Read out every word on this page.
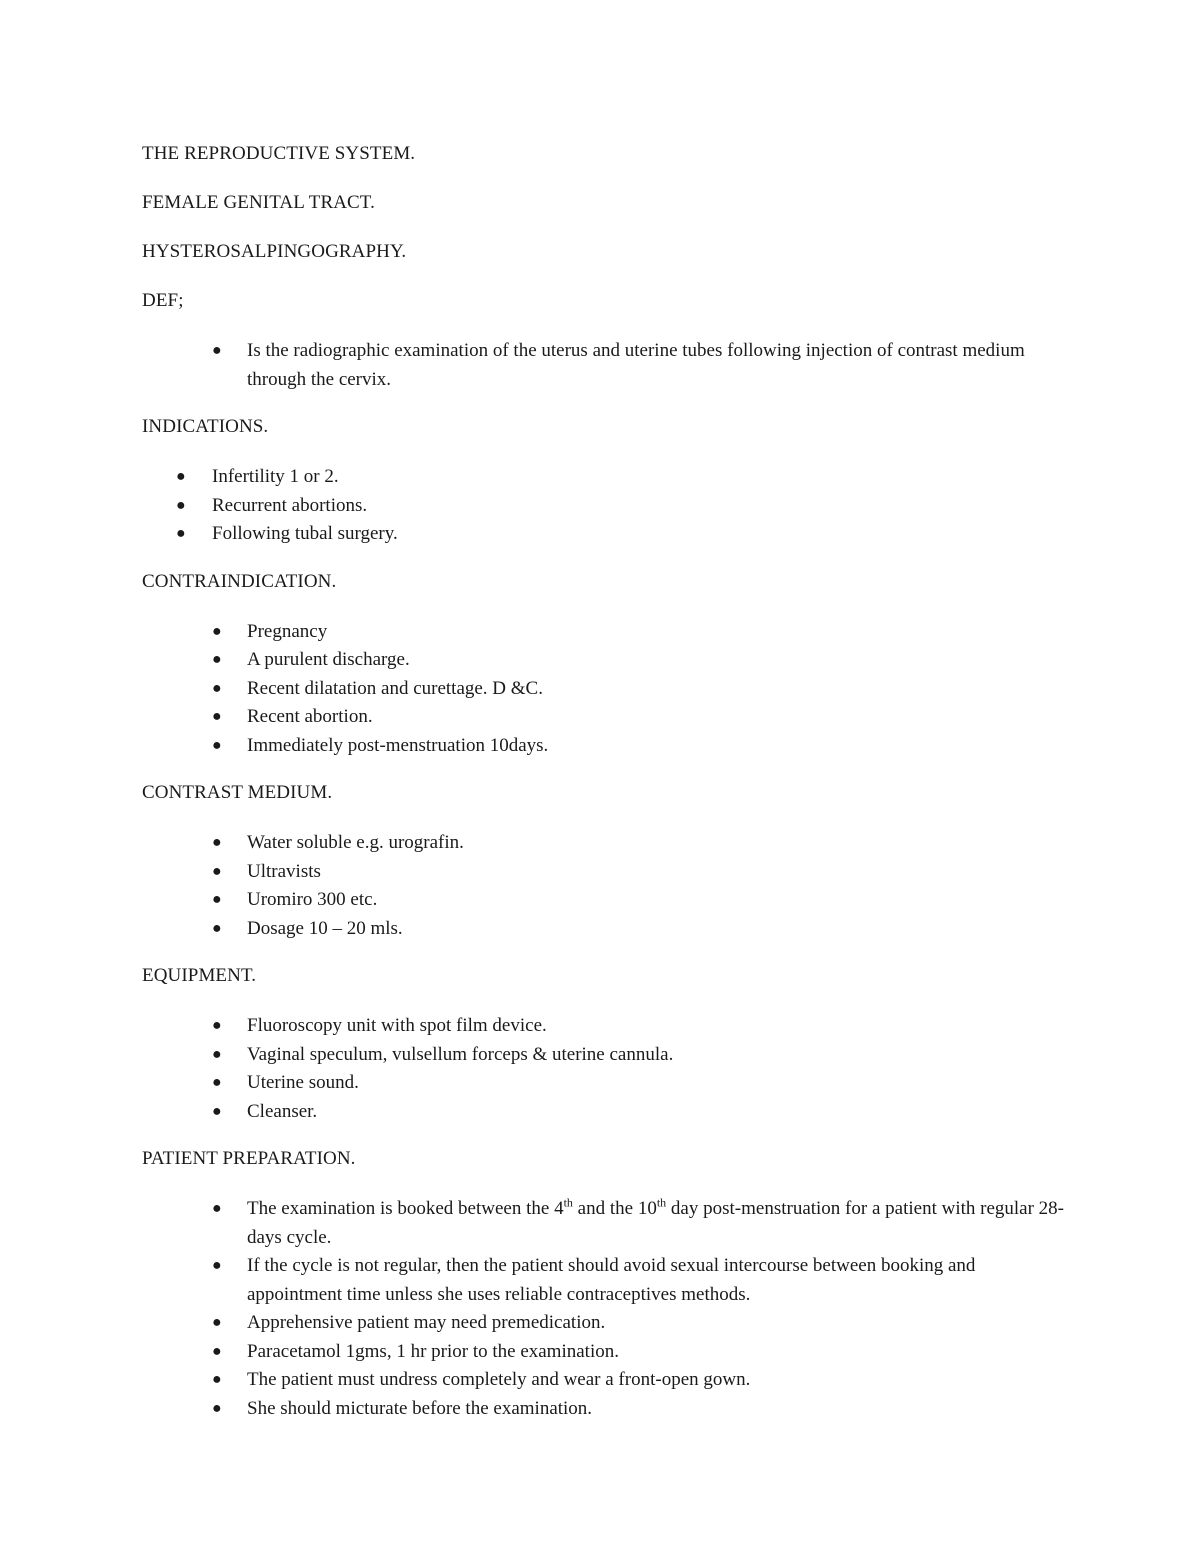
THE REPRODUCTIVE SYSTEM.

FEMALE GENITAL TRACT.

HYSTEROSALPINGOGRAPHY.

DEF;

● Is the radiographic examination of the uterus and uterine tubes following injection of contrast medium through the cervix.

INDICATIONS.

● Infertility 1 or 2.
● Recurrent abortions.
● Following tubal surgery.

CONTRAINDICATION.

● Pregnancy
● A purulent discharge.
● Recent dilatation and curettage. D &C.
● Recent abortion.
● Immediately post-menstruation 10days.

CONTRAST MEDIUM.

● Water soluble e.g. urografin.
● Ultravists
● Uromiro 300 etc.
● Dosage 10 – 20 mls.

EQUIPMENT.

● Fluoroscopy unit with spot film device.
● Vaginal speculum, vulsellum forceps & uterine cannula.
● Uterine sound.
● Cleanser.

PATIENT PREPARATION.

● The examination is booked between the 4th and the 10th day post-menstruation for a patient with regular 28-days cycle.
● If the cycle is not regular, then the patient should avoid sexual intercourse between booking and appointment time unless she uses reliable contraceptives methods.
● Apprehensive patient may need premedication.
● Paracetamol 1gms, 1 hr prior to the examination.
● The patient must undress completely and wear a front-open gown.
● She should micturate before the examination.
